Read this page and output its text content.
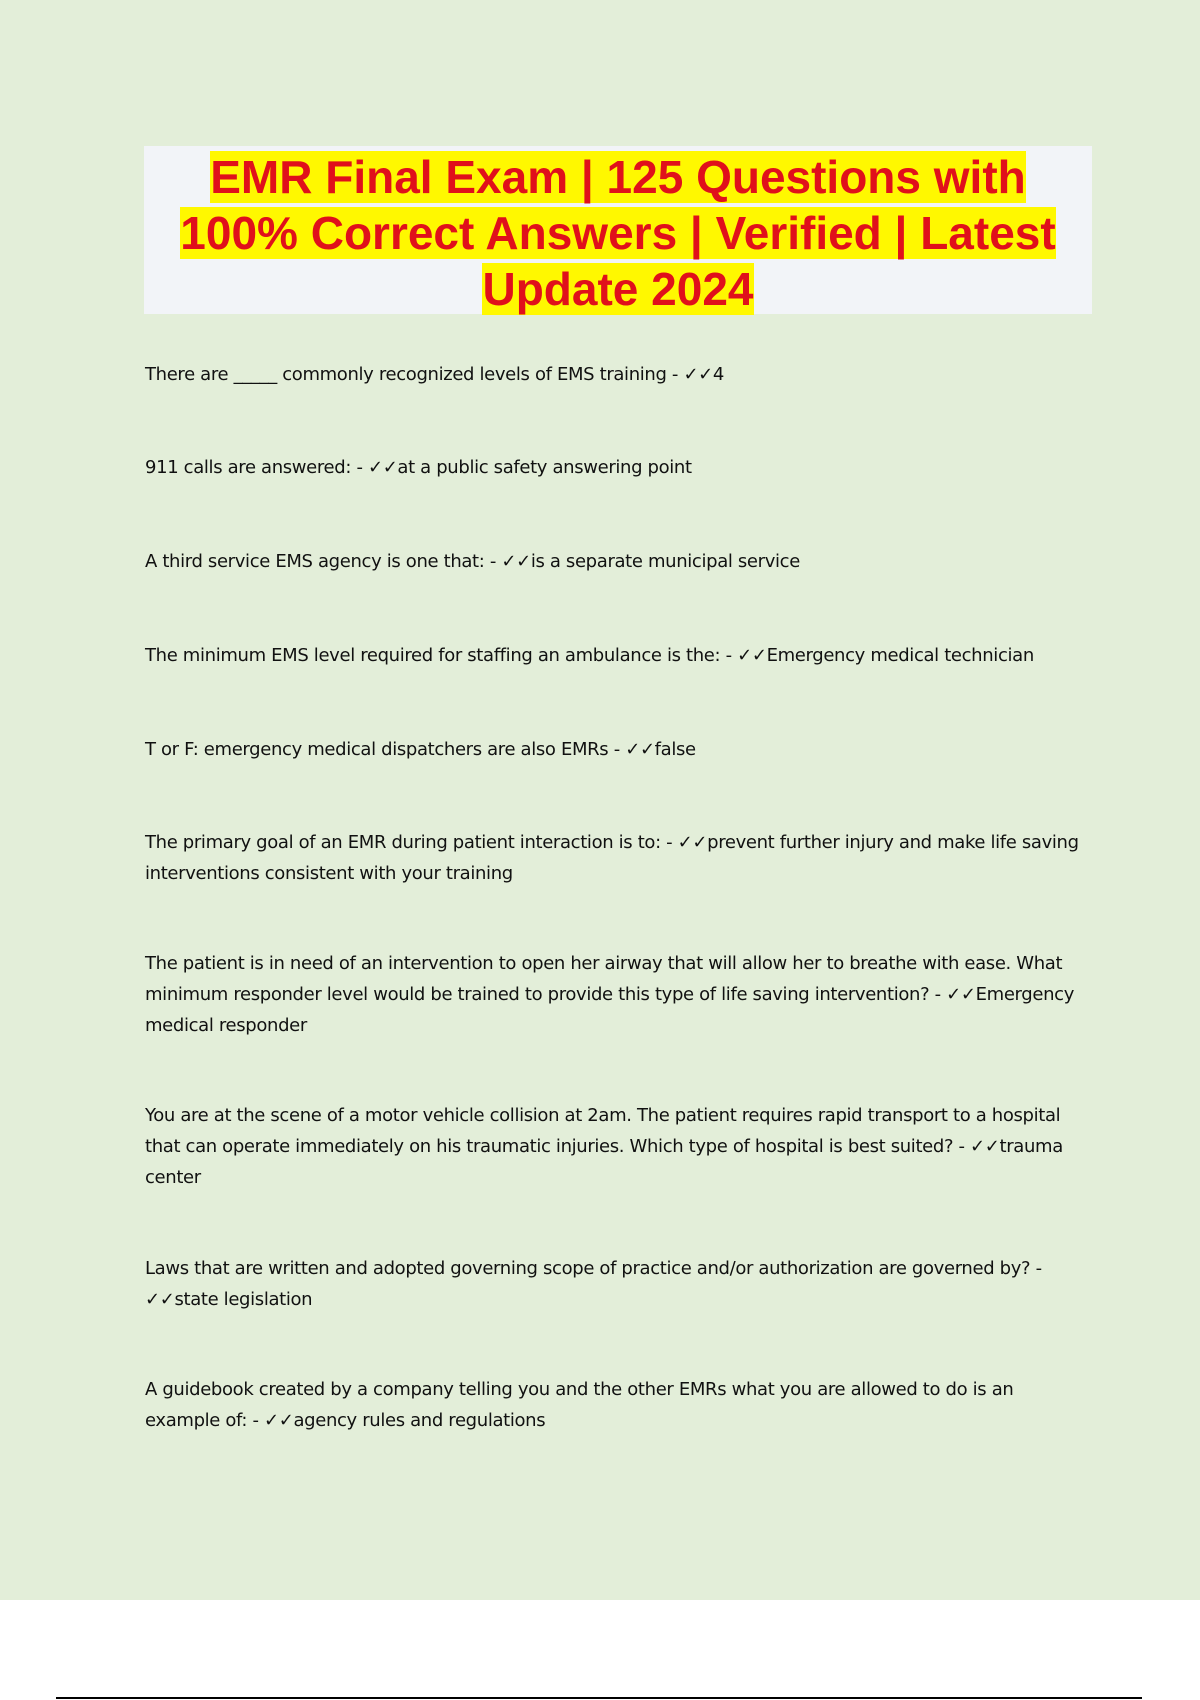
EMR Final Exam | 125 Questions with 100% Correct Answers | Verified | Latest Update 2024
There are _____ commonly recognized levels of EMS training - ✓✓4
911 calls are answered: - ✓✓at a public safety answering point
A third service EMS agency is one that: - ✓✓is a separate municipal service
The minimum EMS level required for staffing an ambulance is the: - ✓✓Emergency medical technician
T or F: emergency medical dispatchers are also EMRs - ✓✓false
The primary goal of an EMR during patient interaction is to: - ✓✓prevent further injury and make life saving interventions consistent with your training
The patient is in need of an intervention to open her airway that will allow her to breathe with ease. What minimum responder level would be trained to provide this type of life saving intervention? - ✓✓Emergency medical responder
You are at the scene of a motor vehicle collision at 2am. The patient requires rapid transport to a hospital that can operate immediately on his traumatic injuries. Which type of hospital is best suited? - ✓✓trauma center
Laws that are written and adopted governing scope of practice and/or authorization are governed by? - ✓✓state legislation
A guidebook created by a company telling you and the other EMRs what you are allowed to do is an example of: - ✓✓agency rules and regulations
